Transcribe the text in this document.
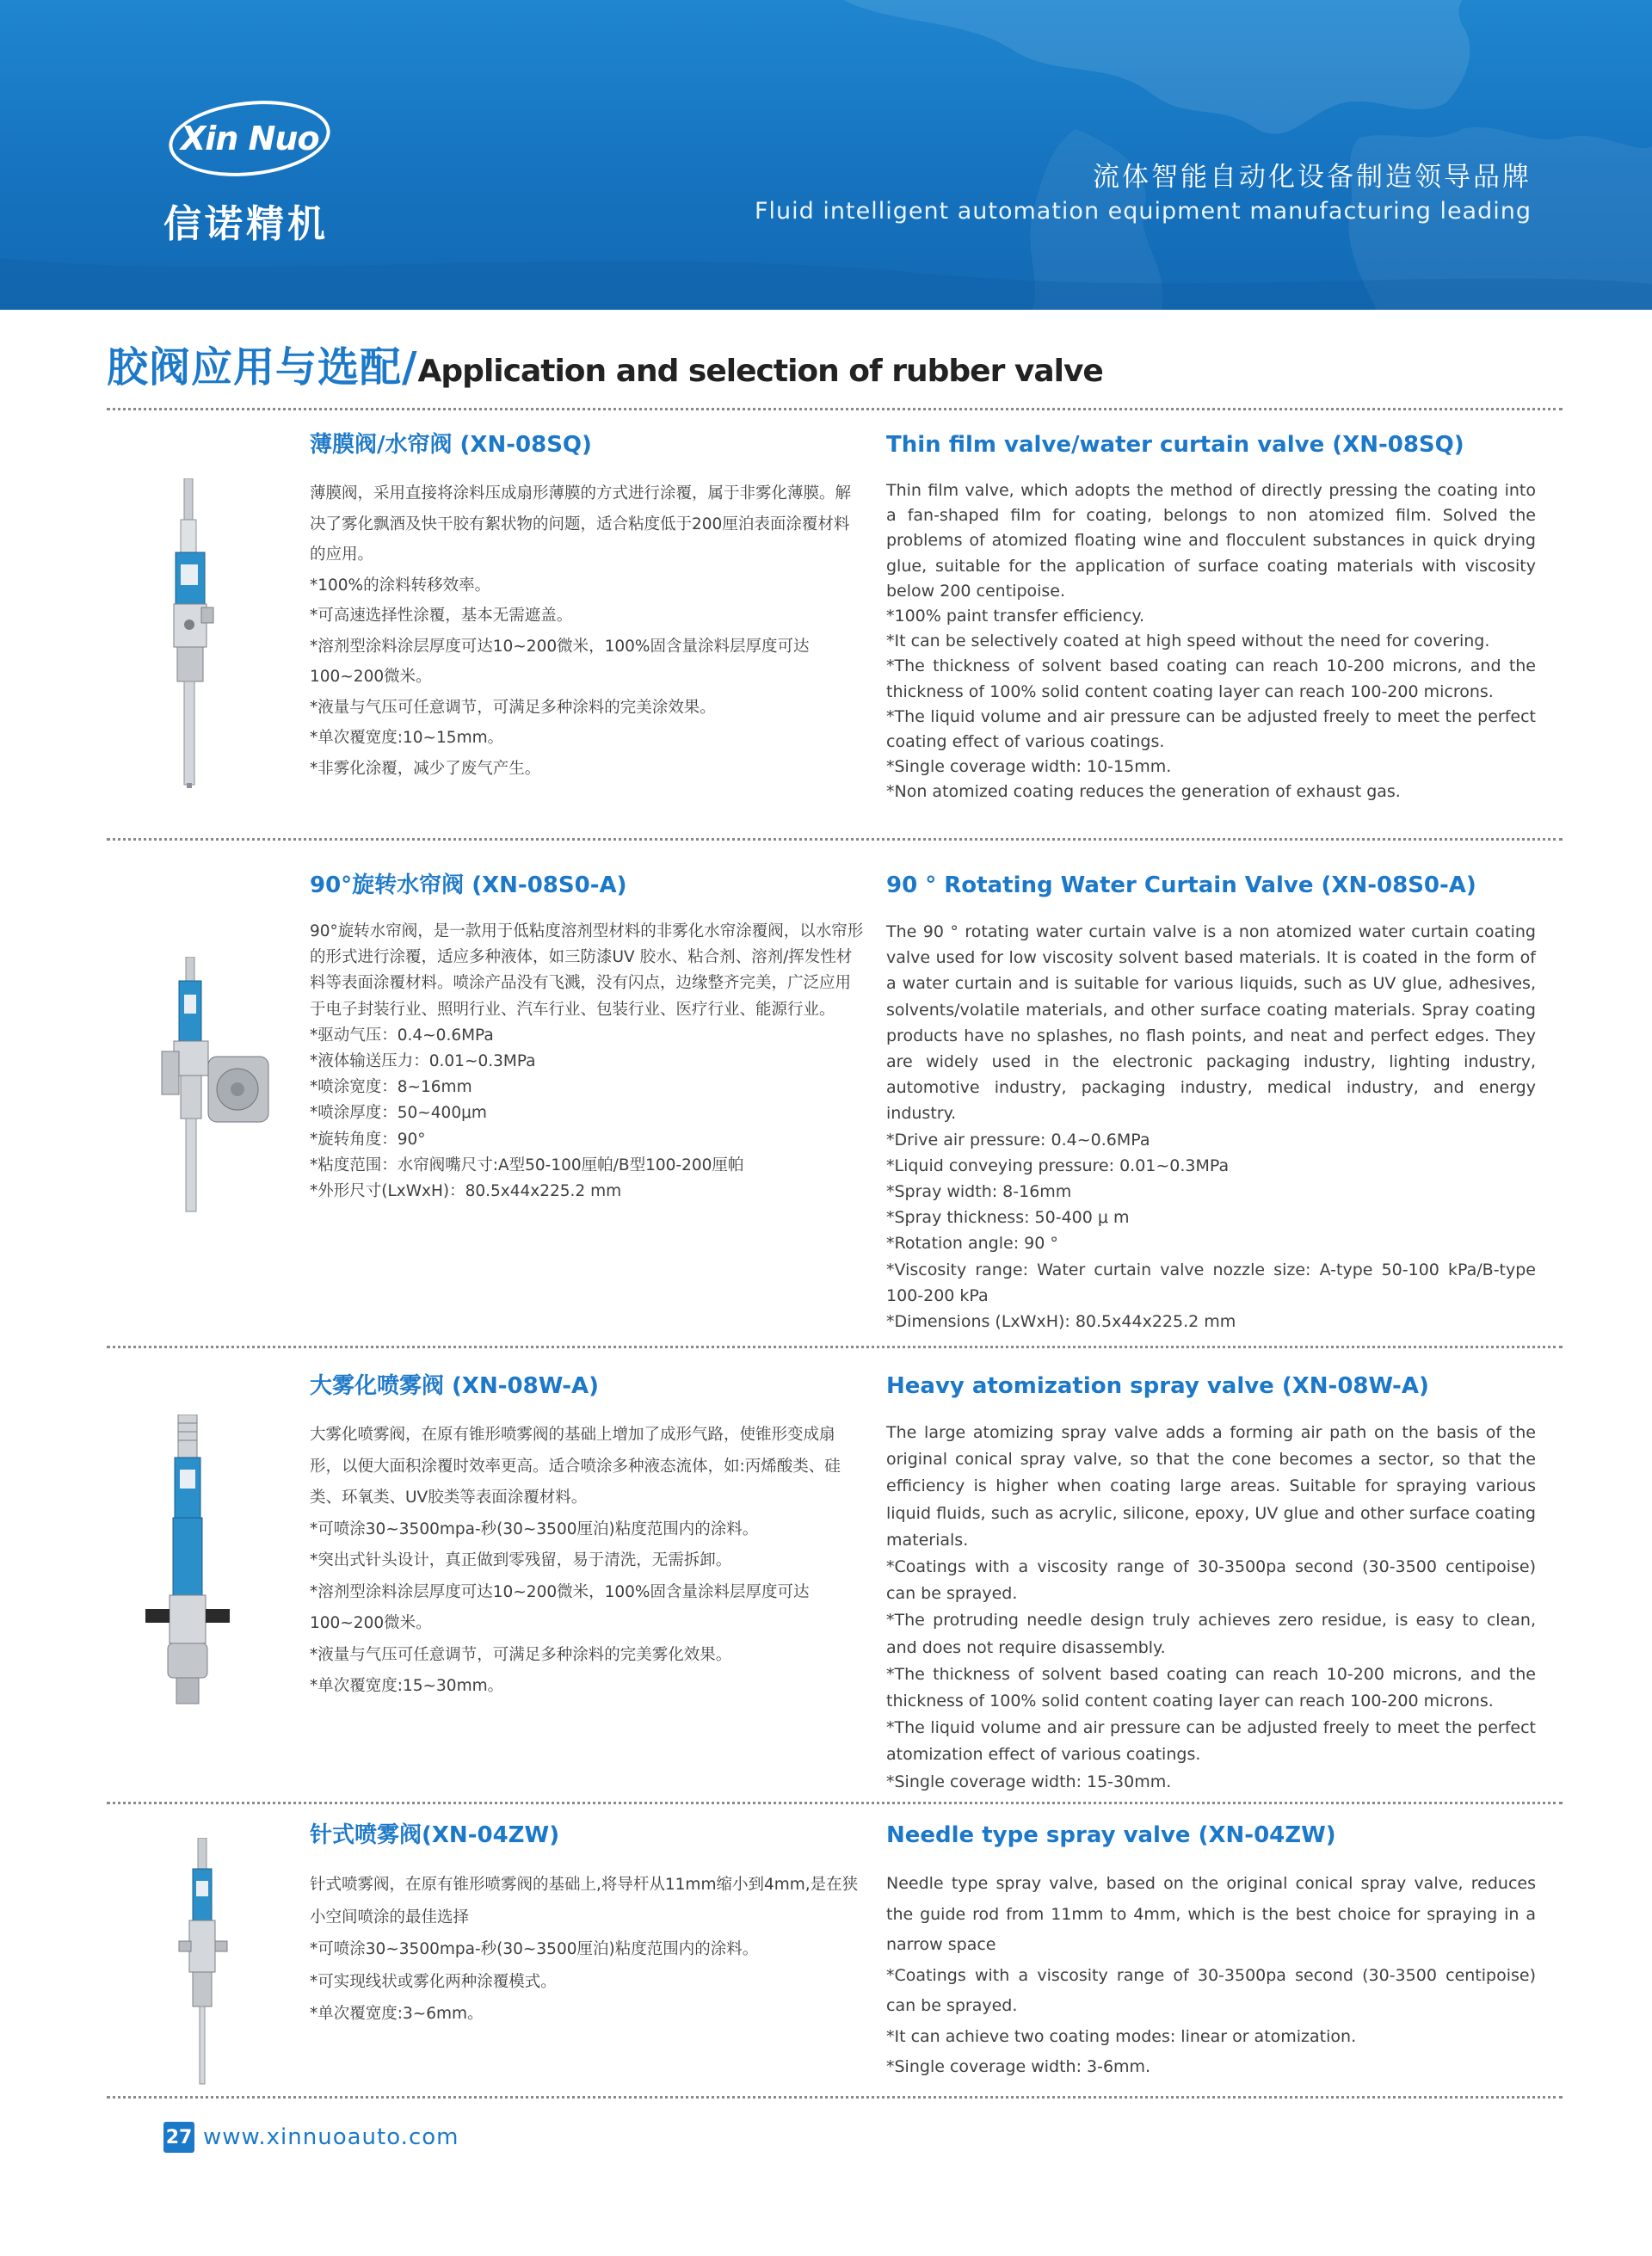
Xin Nuo
信诺精机
流体智能自动化设备制造领导品牌
Fluid intelligent automation equipment manufacturing leading
胶阀应用与选配/ Application and selection of rubber valve
薄膜阀/水帘阀 (XN-08SQ)

薄膜阀，采用直接将涂料压成扇形薄膜的方式进行涂覆，属于非雾化薄膜。解决了雾化飘酒及快干胶有絮状物的问题，适合粘度低于200厘泊表面涂覆材料的应用。

*100%的涂料转移效率。

*可高速选择性涂覆，基本无需遮盖。

*溶剂型涂料涂层厚度可达10~200微米，100%固含量涂料层厚度可达100~200微米。

*液量与气压可任意调节，可满足多种涂料的完美涂效果。

*单次覆宽度:10~15mm。

*非雾化涂覆，减少了废气产生。

Thin film valve/water curtain valve (XN-08SQ)

Thin film valve, which adopts the method of directly pressing the coating into a fan-shaped film for coating, belongs to non atomized film. Solved the problems of atomized floating wine and flocculent substances in quick drying glue, suitable for the application of surface coating materials with viscosity below 200 centipoise.

*100% paint transfer efficiency.

*It can be selectively coated at high speed without the need for covering.

*The thickness of solvent based coating can reach 10-200 microns, and the thickness of 100% solid content coating layer can reach 100-200 microns.

*The liquid volume and air pressure can be adjusted freely to meet the perfect coating effect of various coatings.

*Single coverage width: 10-15mm.

*Non atomized coating reduces the generation of exhaust gas.

90°旋转水帘阀 (XN-08S0-A)

90°旋转水帘阀，是一款用于低粘度溶剂型材料的非雾化水帘涂覆阀，以水帘形的形式进行涂覆，适应多种液体，如三防漆UV 胶水、粘合剂、溶剂/挥发性材料等表面涂覆材料。喷涂产品没有飞溅，没有闪点，边缘整齐完美，广泛应用于电子封装行业、照明行业、汽车行业、包装行业、医疗行业、能源行业。

*驱动气压：0.4~0.6MPa

*液体输送压力：0.01~0.3MPa

*喷涂宽度：8~16mm

*喷涂厚度：50~400μm

*旋转角度：90°

*粘度范围：水帘阀嘴尺寸:A型50-100厘帕/B型100-200厘帕

*外形尺寸(LxWxH)：80.5x44x225.2 mm

90 ° Rotating Water Curtain Valve (XN-08S0-A)

The 90 ° rotating water curtain valve is a non atomized water curtain coating valve used for low viscosity solvent based materials. It is coated in the form of a water curtain and is suitable for various liquids, such as UV glue, adhesives, solvents/volatile materials, and other surface coating materials. Spray coating products have no splashes, no flash points, and neat and perfect edges. They are widely used in the electronic packaging industry, lighting industry, automotive industry, packaging industry, medical industry, and energy industry.

*Drive air pressure: 0.4~0.6MPa

*Liquid conveying pressure: 0.01~0.3MPa

*Spray width: 8-16mm

*Spray thickness: 50-400 μ m

*Rotation angle: 90 °

*Viscosity range: Water curtain valve nozzle size: A-type 50-100 kPa/B-type 100-200 kPa

*Dimensions (LxWxH): 80.5x44x225.2 mm

大雾化喷雾阀 (XN-08W-A)

大雾化喷雾阀，在原有锥形喷雾阀的基础上增加了成形气路，使锥形变成扇形，以便大面积涂覆时效率更高。适合喷涂多种液态流体，如:丙烯酸类、硅类、环氧类、UV胶类等表面涂覆材料。

*可喷涂30~3500mpa-秒(30~3500厘泊)粘度范围内的涂料。

*突出式针头设计，真正做到零残留，易于清洗，无需拆卸。

*溶剂型涂料涂层厚度可达10~200微米，100%固含量涂料层厚度可达100~200微米。

*液量与气压可任意调节，可满足多种涂料的完美雾化效果。

*单次覆宽度:15~30mm。

Heavy atomization spray valve (XN-08W-A)

The large atomizing spray valve adds a forming air path on the basis of the original conical spray valve, so that the cone becomes a sector, so that the efficiency is higher when coating large areas. Suitable for spraying various liquid fluids, such as acrylic, silicone, epoxy, UV glue and other surface coating materials.

*Coatings with a viscosity range of 30-3500pa second (30-3500 centipoise) can be sprayed.

*The protruding needle design truly achieves zero residue, is easy to clean, and does not require disassembly.

*The thickness of solvent based coating can reach 10-200 microns, and the thickness of 100% solid content coating layer can reach 100-200 microns.

*The liquid volume and air pressure can be adjusted freely to meet the perfect atomization effect of various coatings.

*Single coverage width: 15-30mm.

针式喷雾阀(XN-04ZW)

针式喷雾阀，在原有锥形喷雾阀的基础上,将导杆从11mm缩小到4mm,是在狭小空间喷涂的最佳选择

*可喷涂30~3500mpa-秒(30~3500厘泊)粘度范围内的涂料。

*可实现线状或雾化两种涂覆模式。

*单次覆宽度:3~6mm。

Needle type spray valve (XN-04ZW)

Needle type spray valve, based on the original conical spray valve, reduces the guide rod from 11mm to 4mm, which is the best choice for spraying in a narrow space

*Coatings with a viscosity range of 30-3500pa second (30-3500 centipoise) can be sprayed.

*It can achieve two coating modes: linear or atomization.

*Single coverage width: 3-6mm.

27 www.xinnuoauto.com
